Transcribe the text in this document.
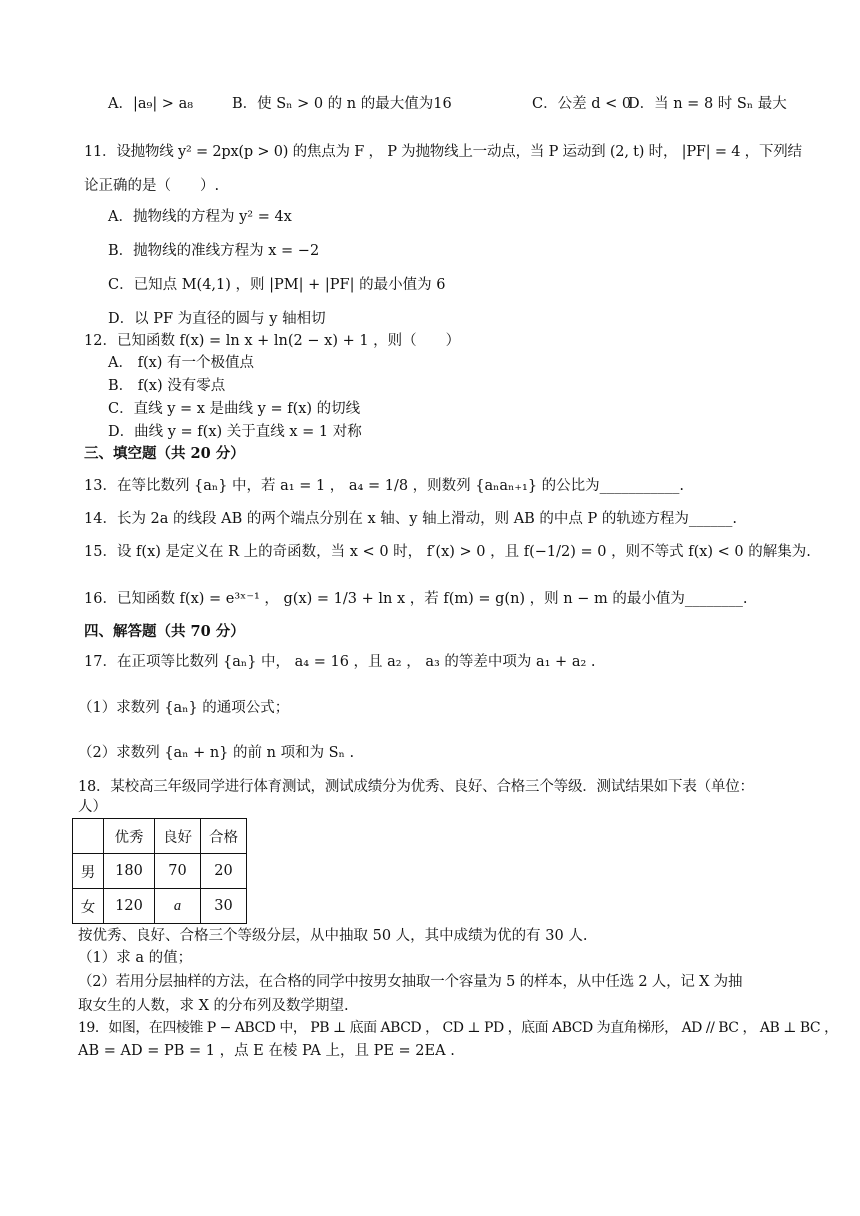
A．|a₉| > a₈	B．使 Sₙ > 0 的 n 的最大值为16	C．公差 d < 0
D．当 n = 8 时 Sₙ 最大
11．设抛物线 y² = 2px(p > 0) 的焦点为 F ， P 为抛物线上一动点，当 P 运动到 (2, t) 时， |PF| = 4 ，下列结
论正确的是（　　）.
A．抛物线的方程为 y² = 4x
B．抛物线的准线方程为 x = −2
C．已知点 M(4,1) ，则 |PM| + |PF| 的最小值为 6
D．以 PF 为直径的圆与 y 轴相切
12．已知函数 f(x) = ln x + ln(2 − x) + 1 ，则（　　）
A． f(x) 有一个极值点
B． f(x) 没有零点
C．直线 y = x 是曲线 y = f(x) 的切线
D．曲线 y = f(x) 关于直线 x = 1 对称
三、填空题（共 20 分）
13．在等比数列 {aₙ} 中，若 a₁ = 1 ， a₄ = 1/8 ，则数列 {aₙaₙ₊₁} 的公比为___________.
14．长为 2a 的线段 AB 的两个端点分别在 x 轴、y 轴上滑动，则 AB 的中点 P 的轨迹方程为______.
15．设 f(x) 是定义在 R 上的奇函数，当 x < 0 时， f′(x) > 0 ，且 f(−1/2) = 0 ，则不等式 f(x) < 0 的解集为.
16．已知函数 f(x) = e³ˣ⁻¹ ， g(x) = 1/3 + ln x ，若 f(m) = g(n) ，则 n − m 的最小值为________.
四、解答题（共 70 分）
17．在正项等比数列 {aₙ} 中， a₄ = 16 ，且 a₂ ， a₃ 的等差中项为 a₁ + a₂ .
（1）求数列 {aₙ} 的通项公式；
（2）求数列 {aₙ + n} 的前 n 项和为 Sₙ .
18．某校高三年级同学进行体育测试，测试成绩分为优秀、良好、合格三个等级．测试结果如下表（单位：
人）
	优秀	良好	合格
男	180	70	20
女	120	a	30
按优秀、良好、合格三个等级分层，从中抽取 50 人，其中成绩为优的有 30 人.
（1）求 a 的值；
（2）若用分层抽样的方法，在合格的同学中按男女抽取一个容量为 5 的样本，从中任选 2 人，记 X 为抽
取女生的人数，求 X 的分布列及数学期望.
19．如图，在四棱锥 P − ABCD 中， PB ⊥ 底面 ABCD ， CD ⊥ PD ，底面 ABCD 为直角梯形， AD // BC ， AB ⊥ BC ，
AB = AD = PB = 1 ，点 E 在棱 PA 上，且 PE = 2EA .
